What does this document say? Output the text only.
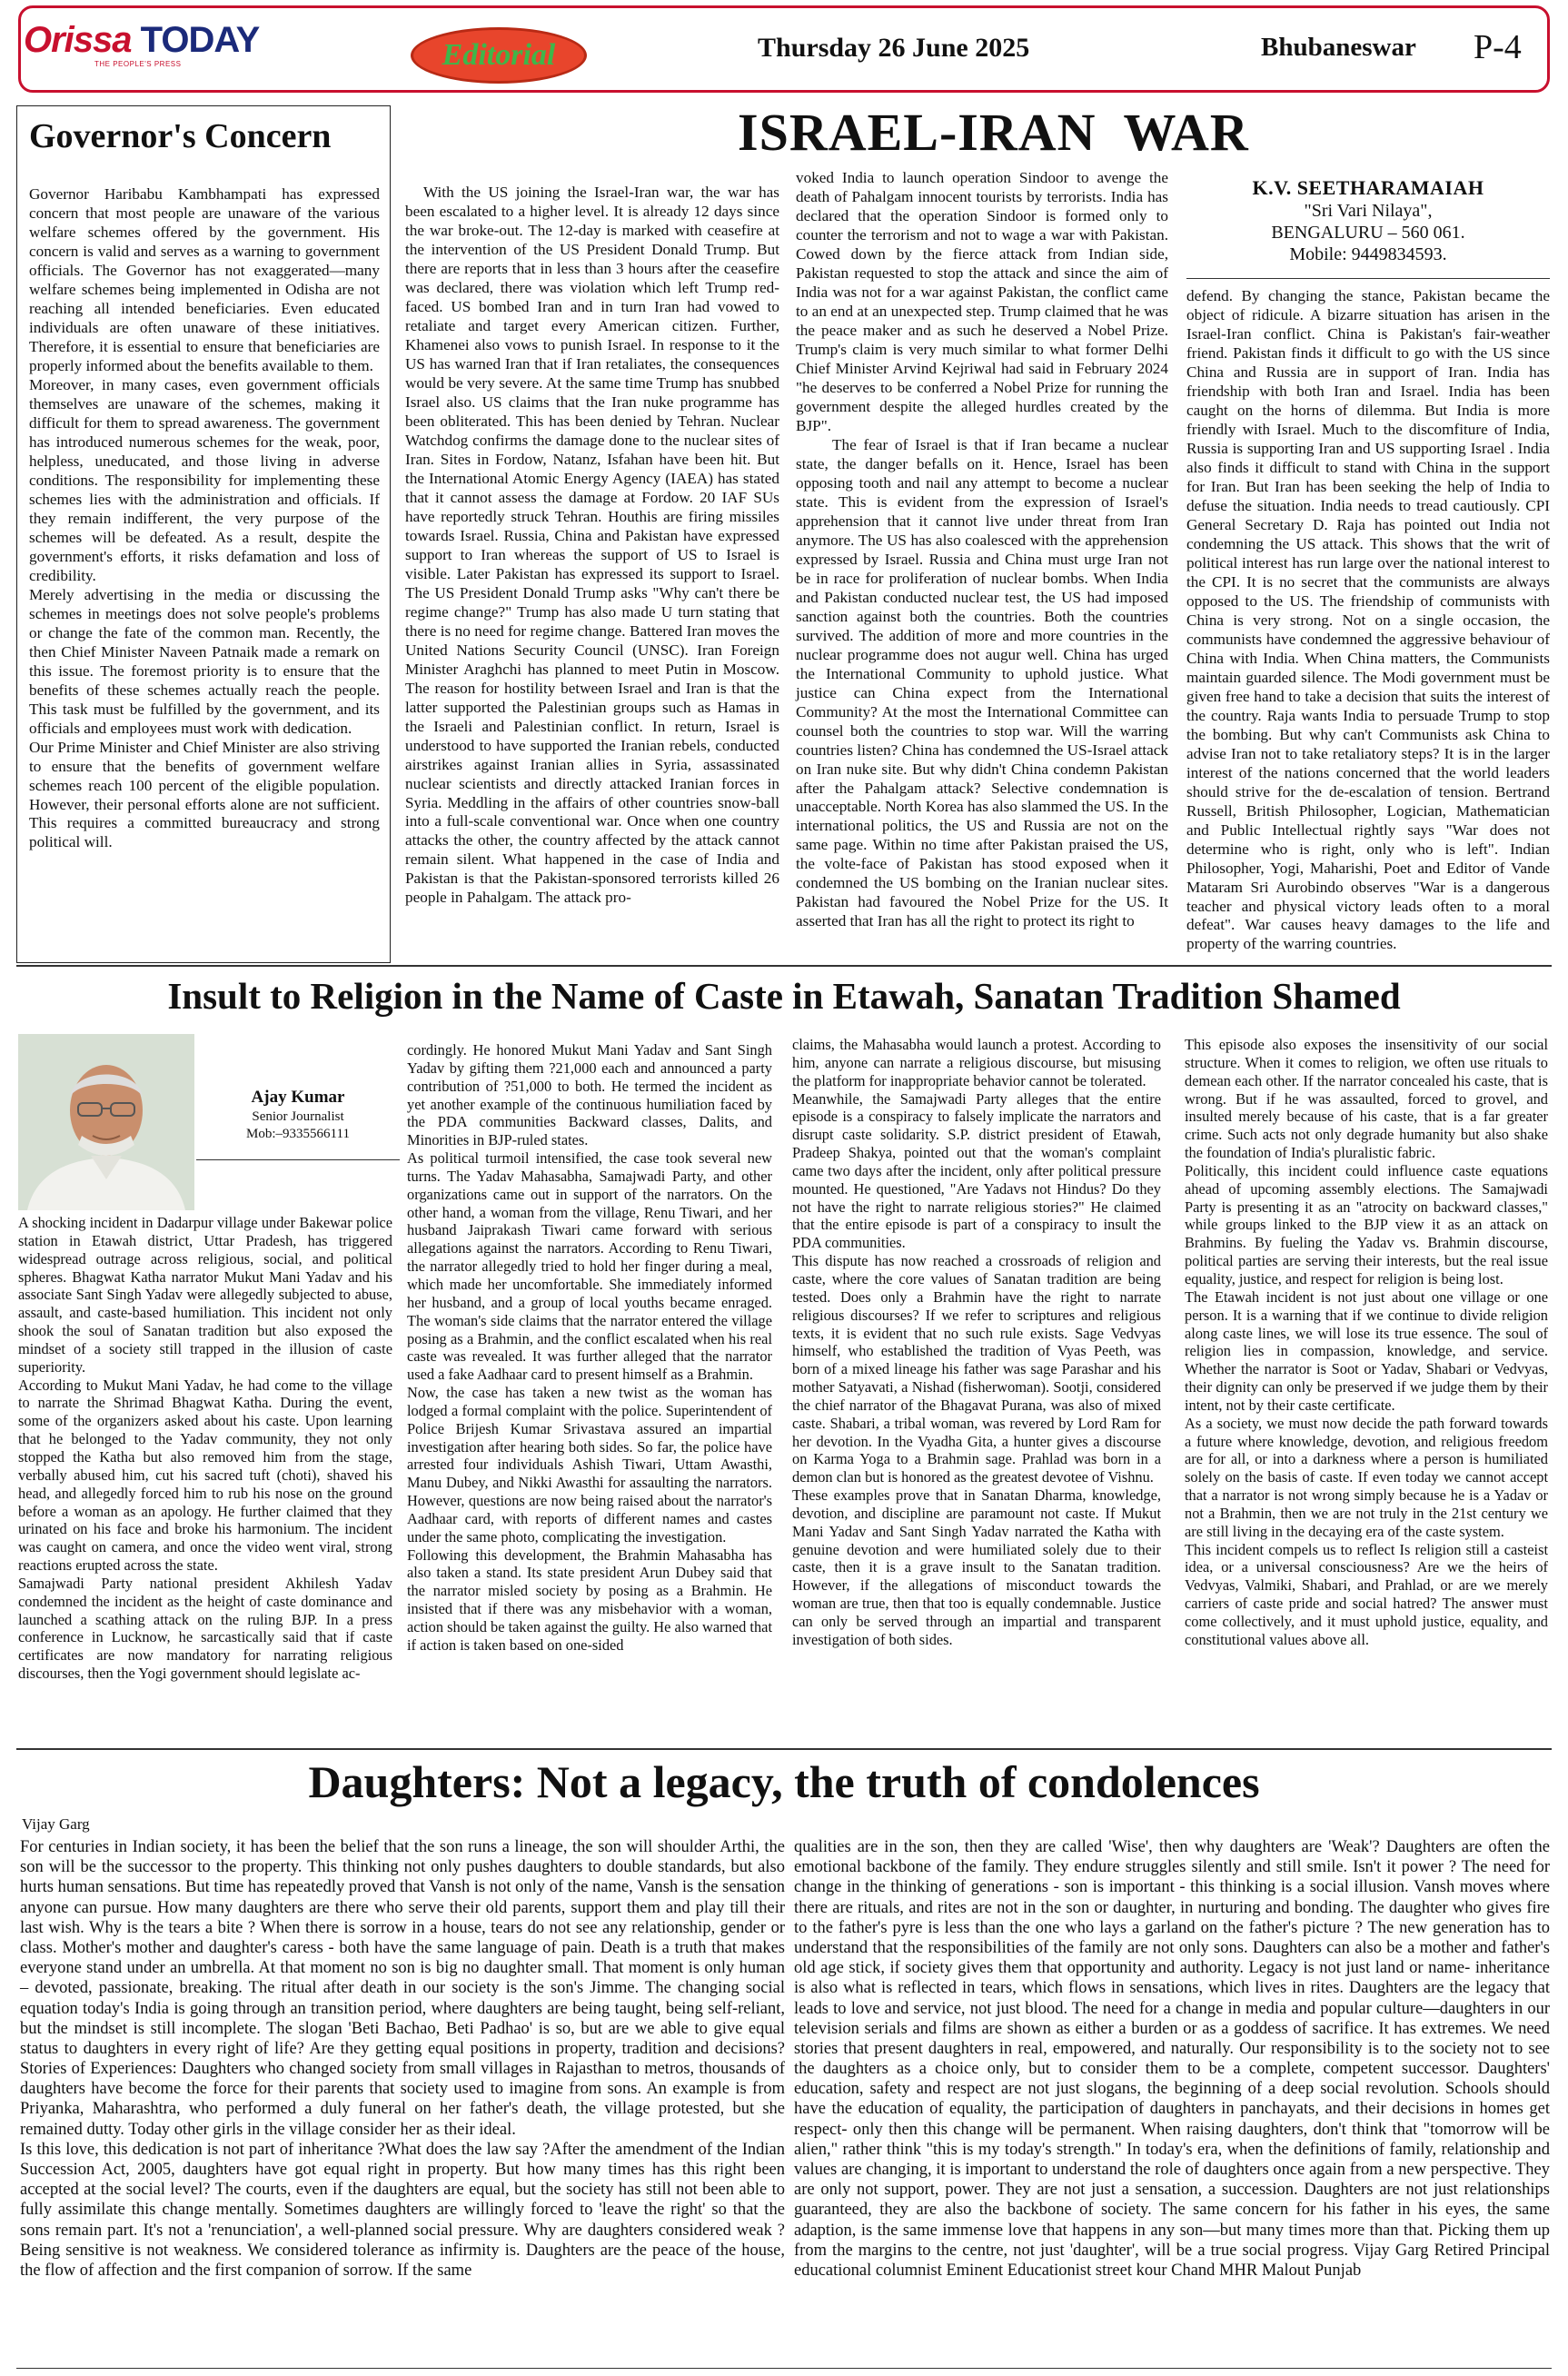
Orissa TODAY
THE PEOPLE'S PRESS	Editorial	Thursday 26 June 2025	Bhubaneswar P-4
Governor's Concern

Governor Haribabu Kambhampati has expressed concern that most people are unaware of the various welfare schemes offered by the government. His concern is valid and serves as a warning to government officials. The Governor has not exaggerated—many welfare schemes being implemented in Odisha are not reaching all intended beneficiaries. Even educated individuals are often unaware of these initiatives. Therefore, it is essential to ensure that beneficiaries are properly informed about the benefits available to them.

Moreover, in many cases, even government officials themselves are unaware of the schemes, making it difficult for them to spread awareness. The government has introduced numerous schemes for the weak, poor, helpless, uneducated, and those living in adverse conditions. The responsibility for implementing these schemes lies with the administration and officials. If they remain indifferent, the very purpose of the schemes will be defeated. As a result, despite the government's efforts, it risks defamation and loss of credibility.

Merely advertising in the media or discussing the schemes in meetings does not solve people's problems or change the fate of the common man. Recently, the then Chief Minister Naveen Patnaik made a remark on this issue. The foremost priority is to ensure that the benefits of these schemes actually reach the people. This task must be fulfilled by the government, and its officials and employees must work with dedication.

Our Prime Minister and Chief Minister are also striving to ensure that the benefits of government welfare schemes reach 100 percent of the eligible population. However, their personal efforts alone are not sufficient. This requires a committed bureaucracy and strong political will.

ISRAEL-IRAN  WAR

With the US joining the Israel-Iran war, the war has been escalated to a higher level. It is already 12 days since the war broke-out. The 12-day is marked with ceasefire at the intervention of the US President Donald Trump. But there are reports that in less than 3 hours after the ceasefire was declared, there was violation which left Trump red-faced. US bombed Iran and in turn Iran had vowed to retaliate and target every American citizen. Further, Khamenei also vows to punish Israel. In response to it the US has warned Iran that if Iran retaliates, the consequences would be very severe. At the same time Trump has snubbed Israel also. US claims that the Iran nuke programme has been obliterated. This has been denied by Tehran. Nuclear Watchdog confirms the damage done to the nuclear sites of Iran. Sites in Fordow, Natanz, Isfahan have been hit. But the International Atomic Energy Agency (IAEA) has stated that it cannot assess the damage at Fordow. 20 IAF SUs have reportedly struck Tehran. Houthis are firing missiles towards Israel. Russia, China and Pakistan have expressed support to Iran whereas the support of US to Israel is visible. Later Pakistan has expressed its support to Israel. The US President Donald Trump asks "Why can't there be regime change?" Trump has also made U turn stating that there is no need for regime change. Battered Iran moves the United Nations Security Council (UNSC). Iran Foreign Minister Araghchi has planned to meet Putin in Moscow. The reason for hostility between Israel and Iran is that the latter supported the Palestinian groups such as Hamas in the Israeli and Palestinian conflict. In return, Israel is understood to have supported the Iranian rebels, conducted airstrikes against Iranian allies in Syria, assassinated nuclear scientists and directly attacked Iranian forces in Syria. Meddling in the affairs of other countries snow-ball into a full-scale conventional war. Once when one country attacks the other, the country affected by the attack cannot remain silent. What happened in the case of India and Pakistan is that the Pakistan-sponsored terrorists killed 26 people in Pahalgam. The attack pro-

voked India to launch operation Sindoor to avenge the death of Pahalgam innocent tourists by terrorists. India has declared that the operation Sindoor is formed only to counter the terrorism and not to wage a war with Pakistan. Cowed down by the fierce attack from Indian side, Pakistan requested to stop the attack and since the aim of India was not for a war against Pakistan, the conflict came to an end at an unexpected step. Trump claimed that he was the peace maker and as such he deserved a Nobel Prize. Trump's claim is very much similar to what former Delhi Chief Minister Arvind Kejriwal had said in February 2024 "he deserves to be conferred a Nobel Prize for running the government despite the alleged hurdles created by the BJP".

The fear of Israel is that if Iran became a nuclear state, the danger befalls on it. Hence, Israel has been opposing tooth and nail any attempt to become a nuclear state. This is evident from the expression of Israel's apprehension that it cannot live under threat from Iran anymore. The US has also coalesced with the apprehension expressed by Israel. Russia and China must urge Iran not be in race for proliferation of nuclear bombs. When India and Pakistan conducted nuclear test, the US had imposed sanction against both the countries. Both the countries survived. The addition of more and more countries in the nuclear programme does not augur well. China has urged the International Community to uphold justice. What justice can China expect from the International Community? At the most the International Committee can counsel both the countries to stop war. Will the warring countries listen? China has condemned the US-Israel attack on Iran nuke site. But why didn't China condemn Pakistan after the Pahalgam attack? Selective condemnation is unacceptable. North Korea has also slammed the US. In the international politics, the US and Russia are not on the same page. Within no time after Pakistan praised the US, the volte-face of Pakistan has stood exposed when it condemned the US bombing on the Iranian nuclear sites. Pakistan had favoured the Nobel Prize for the US. It asserted that Iran has all the right to protect its right to

K.V. SEETHARAMAIAH
"Sri Vari Nilaya",
BENGALURU – 560 061.
Mobile: 9449834593.

defend. By changing the stance, Pakistan became the object of ridicule. A bizarre situation has arisen in the Israel-Iran conflict. China is Pakistan's fair-weather friend. Pakistan finds it difficult to go with the US since China and Russia are in support of Iran. India has friendship with both Iran and Israel. India has been caught on the horns of dilemma. But India is more friendly with Israel. Much to the discomfiture of India, Russia is supporting Iran and US supporting Israel . India also finds it difficult to stand with China in the support for Iran. But Iran has been seeking the help of India to defuse the situation. India needs to tread cautiously. CPI General Secretary D. Raja has pointed out India not condemning the US attack. This shows that the writ of political interest has run large over the national interest to the CPI. It is no secret that the communists are always opposed to the US. The friendship of communists with China is very strong. Not on a single occasion, the communists have condemned the aggressive behaviour of China with India. When China matters, the Communists maintain guarded silence. The Modi government must be given free hand to take a decision that suits the interest of the country. Raja wants India to persuade Trump to stop the bombing. But why can't Communists ask China to advise Iran not to take retaliatory steps? It is in the larger interest of the nations concerned that the world leaders should strive for the de-escalation of tension. Bertrand Russell, British Philosopher, Logician, Mathematician and Public Intellectual rightly says "War does not determine who is right, only who is left". Indian Philosopher, Yogi, Maharishi, Poet and Editor of Vande Mataram Sri Aurobindo observes "War is a dangerous teacher and physical victory leads often to a moral defeat". War causes heavy damages to the life and property of the warring countries.

Insult to Religion in the Name of Caste in Etawah, Sanatan Tradition Shamed
Ajay Kumar
Senior Journalist
Mob:–9335566111

A shocking incident in Dadarpur village under Bakewar police station in Etawah district, Uttar Pradesh, has triggered widespread outrage across religious, social, and political spheres. Bhagwat Katha narrator Mukut Mani Yadav and his associate Sant Singh Yadav were allegedly subjected to abuse, assault, and caste-based humiliation. This incident not only shook the soul of Sanatan tradition but also exposed the mindset of a society still trapped in the illusion of caste superiority.

According to Mukut Mani Yadav, he had come to the village to narrate the Shrimad Bhagwat Katha. During the event, some of the organizers asked about his caste. Upon learning that he belonged to the Yadav community, they not only stopped the Katha but also removed him from the stage, verbally abused him, cut his sacred tuft (choti), shaved his head, and allegedly forced him to rub his nose on the ground before a woman as an apology. He further claimed that they urinated on his face and broke his harmonium. The incident was caught on camera, and once the video went viral, strong reactions erupted across the state.

Samajwadi Party national president Akhilesh Yadav condemned the incident as the height of caste dominance and launched a scathing attack on the ruling BJP. In a press conference in Lucknow, he sarcastically said that if caste certificates are now mandatory for narrating religious discourses, then the Yogi government should legislate ac-

cordingly. He honored Mukut Mani Yadav and Sant Singh Yadav by gifting them ?21,000 each and announced a party contribution of ?51,000 to both. He termed the incident as yet another example of the continuous humiliation faced by the PDA communities Backward classes, Dalits, and Minorities in BJP-ruled states.

As political turmoil intensified, the case took several new turns. The Yadav Mahasabha, Samajwadi Party, and other organizations came out in support of the narrators. On the other hand, a woman from the village, Renu Tiwari, and her husband Jaiprakash Tiwari came forward with serious allegations against the narrators. According to Renu Tiwari, the narrator allegedly tried to hold her finger during a meal, which made her uncomfortable. She immediately informed her husband, and a group of local youths became enraged. The woman's side claims that the narrator entered the village posing as a Brahmin, and the conflict escalated when his real caste was revealed. It was further alleged that the narrator used a fake Aadhaar card to present himself as a Brahmin.

Now, the case has taken a new twist as the woman has lodged a formal complaint with the police. Superintendent of Police Brijesh Kumar Srivastava assured an impartial investigation after hearing both sides. So far, the police have arrested four individuals Ashish Tiwari, Uttam Awasthi, Manu Dubey, and Nikki Awasthi for assaulting the narrators. However, questions are now being raised about the narrator's Aadhaar card, with reports of different names and castes under the same photo, complicating the investigation.

Following this development, the Brahmin Mahasabha has also taken a stand. Its state president Arun Dubey said that the narrator misled society by posing as a Brahmin. He insisted that if there was any misbehavior with a woman, action should be taken against the guilty. He also warned that if action is taken based on one-sided

claims, the Mahasabha would launch a protest. According to him, anyone can narrate a religious discourse, but misusing the platform for inappropriate behavior cannot be tolerated.

Meanwhile, the Samajwadi Party alleges that the entire episode is a conspiracy to falsely implicate the narrators and disrupt caste solidarity. S.P. district president of Etawah, Pradeep Shakya, pointed out that the woman's complaint came two days after the incident, only after political pressure mounted. He questioned, "Are Yadavs not Hindus? Do they not have the right to narrate religious stories?" He claimed that the entire episode is part of a conspiracy to insult the PDA communities.

This dispute has now reached a crossroads of religion and caste, where the core values of Sanatan tradition are being tested. Does only a Brahmin have the right to narrate religious discourses? If we refer to scriptures and religious texts, it is evident that no such rule exists. Sage Vedvyas himself, who established the tradition of Vyas Peeth, was born of a mixed lineage his father was sage Parashar and his mother Satyavati, a Nishad (fisherwoman). Sootji, considered the chief narrator of the Bhagavat Purana, was also of mixed caste. Shabari, a tribal woman, was revered by Lord Ram for her devotion. In the Vyadha Gita, a hunter gives a discourse on Karma Yoga to a Brahmin sage. Prahlad was born in a demon clan but is honored as the greatest devotee of Vishnu.

These examples prove that in Sanatan Dharma, knowledge, devotion, and discipline are paramount not caste. If Mukut Mani Yadav and Sant Singh Yadav narrated the Katha with genuine devotion and were humiliated solely due to their caste, then it is a grave insult to the Sanatan tradition. However, if the allegations of misconduct towards the woman are true, then that too is equally condemnable. Justice can only be served through an impartial and transparent investigation of both sides.

This episode also exposes the insensitivity of our social structure. When it comes to religion, we often use rituals to demean each other. If the narrator concealed his caste, that is wrong. But if he was assaulted, forced to grovel, and insulted merely because of his caste, that is a far greater crime. Such acts not only degrade humanity but also shake the foundation of India's pluralistic fabric.

Politically, this incident could influence caste equations ahead of upcoming assembly elections. The Samajwadi Party is presenting it as an "atrocity on backward classes," while groups linked to the BJP view it as an attack on Brahmins. By fueling the Yadav vs. Brahmin discourse, political parties are serving their interests, but the real issue equality, justice, and respect for religion is being lost.

The Etawah incident is not just about one village or one person. It is a warning that if we continue to divide religion along caste lines, we will lose its true essence. The soul of religion lies in compassion, knowledge, and service. Whether the narrator is Soot or Yadav, Shabari or Vedvyas, their dignity can only be preserved if we judge them by their intent, not by their caste certificate.

As a society, we must now decide the path forward towards a future where knowledge, devotion, and religious freedom are for all, or into a darkness where a person is humiliated solely on the basis of caste. If even today we cannot accept that a narrator is not wrong simply because he is a Yadav or not a Brahmin, then we are not truly in the 21st century we are still living in the decaying era of the caste system.

This incident compels us to reflect Is religion still a casteist idea, or a universal consciousness? Are we the heirs of Vedvyas, Valmiki, Shabari, and Prahlad, or are we merely carriers of caste pride and social hatred? The answer must come collectively, and it must uphold justice, equality, and constitutional values above all.

Daughters: Not a legacy, the truth of condolences
Vijay Garg

For centuries in Indian society, it has been the belief that the son runs a lineage, the son will shoulder Arthi, the son will be the successor to the property. This thinking not only pushes daughters to double standards, but also hurts human sensations. But time has repeatedly proved that Vansh is not only of the name, Vansh is the sensation anyone can pursue. How many daughters are there who serve their old parents, support them and play till their last wish. Why is the tears a bite ? When there is sorrow in a house, tears do not see any relationship, gender or class. Mother's mother and daughter's caress - both have the same language of pain. Death is a truth that makes everyone stand under an umbrella. At that moment no son is big no daughter small. That moment is only human – devoted, passionate, breaking. The ritual after death in our society is the son's Jimme. The changing social equation today's India is going through an transition period, where daughters are being taught, being self-reliant, but the mindset is still incomplete. The slogan 'Beti Bachao, Beti Padhao' is so, but are we able to give equal status to daughters in every right of life? Are they getting equal positions in property, tradition and decisions? Stories of Experiences: Daughters who changed society from small villages in Rajasthan to metros, thousands of daughters have become the force for their parents that society used to imagine from sons. An example is from Priyanka, Maharashtra, who performed a duly funeral on her father's death, the village protested, but she remained dutty. Today other girls in the village consider her as their ideal.

Is this love, this dedication is not part of inheritance ?What does the law say ?After the amendment of the Indian Succession Act, 2005, daughters have got equal right in property. But how many times has this right been accepted at the social level? The courts, even if the daughters are equal, but the society has still not been able to fully assimilate this change mentally. Sometimes daughters are willingly forced to 'leave the right' so that the sons remain part. It's not a 'renunciation', a well-planned social pressure. Why are daughters considered weak ? Being sensitive is not weakness. We considered tolerance as infirmity is. Daughters are the peace of the house, the flow of affection and the first companion of sorrow. If the same

qualities are in the son, then they are called 'Wise', then why daughters are 'Weak'? Daughters are often the emotional backbone of the family. They endure struggles silently and still smile. Isn't it power ? The need for change in the thinking of generations - son is important - this thinking is a social illusion. Vansh moves where there are rituals, and rites are not in the son or daughter, in nurturing and bonding. The daughter who gives fire to the father's pyre is less than the one who lays a garland on the father's picture ? The new generation has to understand that the responsibilities of the family are not only sons. Daughters can also be a mother and father's old age stick, if society gives them that opportunity and authority. Legacy is not just land or name- inheritance is also what is reflected in tears, which flows in sensations, which lives in rites. Daughters are the legacy that leads to love and service, not just blood. The need for a change in media and popular culture—daughters in our television serials and films are shown as either a burden or as a goddess of sacrifice. It has extremes. We need stories that present daughters in real, empowered, and naturally. Our responsibility is to the society not to see the daughters as a choice only, but to consider them to be a complete, competent successor. Daughters' education, safety and respect are not just slogans, the beginning of a deep social revolution. Schools should have the education of equality, the participation of daughters in panchayats, and their decisions in homes get respect- only then this change will be permanent. When raising daughters, don't think that "tomorrow will be alien," rather think "this is my today's strength." In today's era, when the definitions of family, relationship and values are changing, it is important to understand the role of daughters once again from a new perspective. They are only not support, power. They are not just a sensation, a succession. Daughters are not just relationships guaranteed, they are also the backbone of society. The same concern for his father in his eyes, the same adaption, is the same immense love that happens in any son—but many times more than that. Picking them up from the margins to the centre, not just 'daughter', will be a true social progress. Vijay Garg Retired Principal educational columnist Eminent Educationist street kour Chand MHR Malout Punjab
